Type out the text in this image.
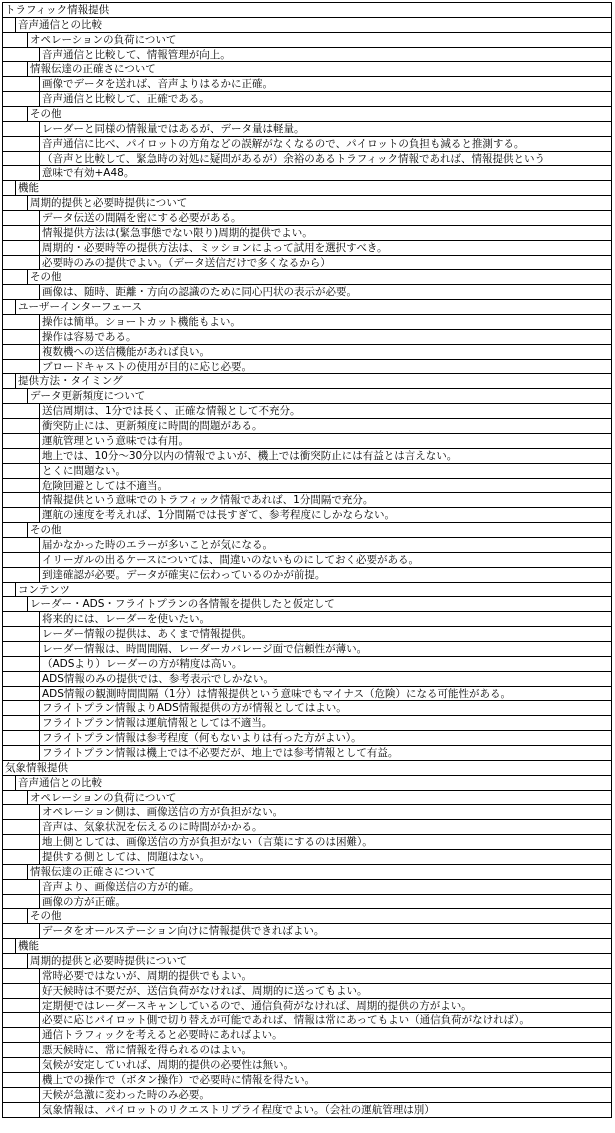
トラフィック情報提供
音声通信との比較
オペレーションの負荷について
音声通信と比較して、情報管理が向上。
情報伝達の正確さについて
画像でデータを送れば、音声よりはるかに正確。
音声通信と比較して、正確である。
その他
レーダーと同様の情報量ではあるが、データ量は軽量。
音声通信に比べ、パイロットの方角などの誤解がなくなるので、パイロットの負担も減ると推測する。
（音声と比較して、緊急時の対処に疑問があるが）余裕のあるトラフィック情報であれば、情報提供という
意味で有効+A48。
機能
周期的提供と必要時提供について
データ伝送の間隔を密にする必要がある。
情報提供方法は(緊急事態でない限り)周期的提供でよい。
周期的・必要時等の提供方法は、ミッションによって試用を選択すべき。
必要時のみの提供でよい。（データ送信だけで多くなるから）
その他
画像は、随時、距離・方向の認識のために同心円状の表示が必要。
ユーザーインターフェース
操作は簡単。ショートカット機能もよい。
操作は容易である。
複数機への送信機能があれば良い。
ブロードキャストの使用が目的に応じ必要。
提供方法・タイミング
データ更新頻度について
送信周期は、1分では長く、正確な情報として不充分。
衝突防止には、更新頻度に時間的問題がある。
運航管理という意味では有用。
地上では、10分〜30分以内の情報でよいが、機上では衝突防止には有益とは言えない。
とくに問題ない。
危険回避としては不適当。
情報提供という意味でのトラフィック情報であれば、1分間隔で充分。
運航の速度を考えれば、1分間隔では長すぎて、参考程度にしかならない。
その他
届かなかった時のエラーが多いことが気になる。
イリーガルの出るケースについては、間違いのないものにしておく必要がある。
到達確認が必要。データが確実に伝わっているのかが前提。
コンテンツ
レーダー・ADS・フライトプランの各情報を提供したと仮定して
将来的には、レーダーを使いたい。
レーダー情報の提供は、あくまで情報提供。
レーダー情報は、時間間隔、レーダーカバレージ面で信頼性が薄い。
（ADSより）レーダーの方が精度は高い。
ADS情報のみの提供では、参考表示でしかない。
ADS情報の観測時間間隔（1分）は情報提供という意味でもマイナス（危険）になる可能性がある。
フライトプラン情報よりADS情報提供の方が情報としてはよい。
フライトプラン情報は運航情報としては不適当。
フライトプラン情報は参考程度（何もないよりは有った方がよい）。
フライトプラン情報は機上では不必要だが、地上では参考情報として有益。
気象情報提供
音声通信との比較
オペレーションの負荷について
オペレーション側は、画像送信の方が負担がない。
音声は、気象状況を伝えるのに時間がかかる。
地上側としては、画像送信の方が負担がない（言葉にするのは困難）。
提供する側としては、問題はない。
情報伝達の正確さについて
音声より、画像送信の方が的確。
画像の方が正確。
その他
データをオールステーション向けに情報提供できればよい。
機能
周期的提供と必要時提供について
常時必要ではないが、周期的提供でもよい。
好天候時は不要だが、送信負荷がなければ、周期的に送ってもよい。
定期便ではレーダースキャンしているので、通信負荷がなければ、周期的提供の方がよい。
必要に応じパイロット側で切り替えが可能であれば、情報は常にあってもよい（通信負荷がなければ）。
通信トラフィックを考えると必要時にあればよい。
悪天候時に、常に情報を得られるのはよい。
気候が安定していれば、周期的提供の必要性は無い。
機上での操作で（ボタン操作）で必要時に情報を得たい。
天候が急激に変わった時のみ必要。
気象情報は、パイロットのリクエストリプライ程度でよい。（会社の運航管理は別）
